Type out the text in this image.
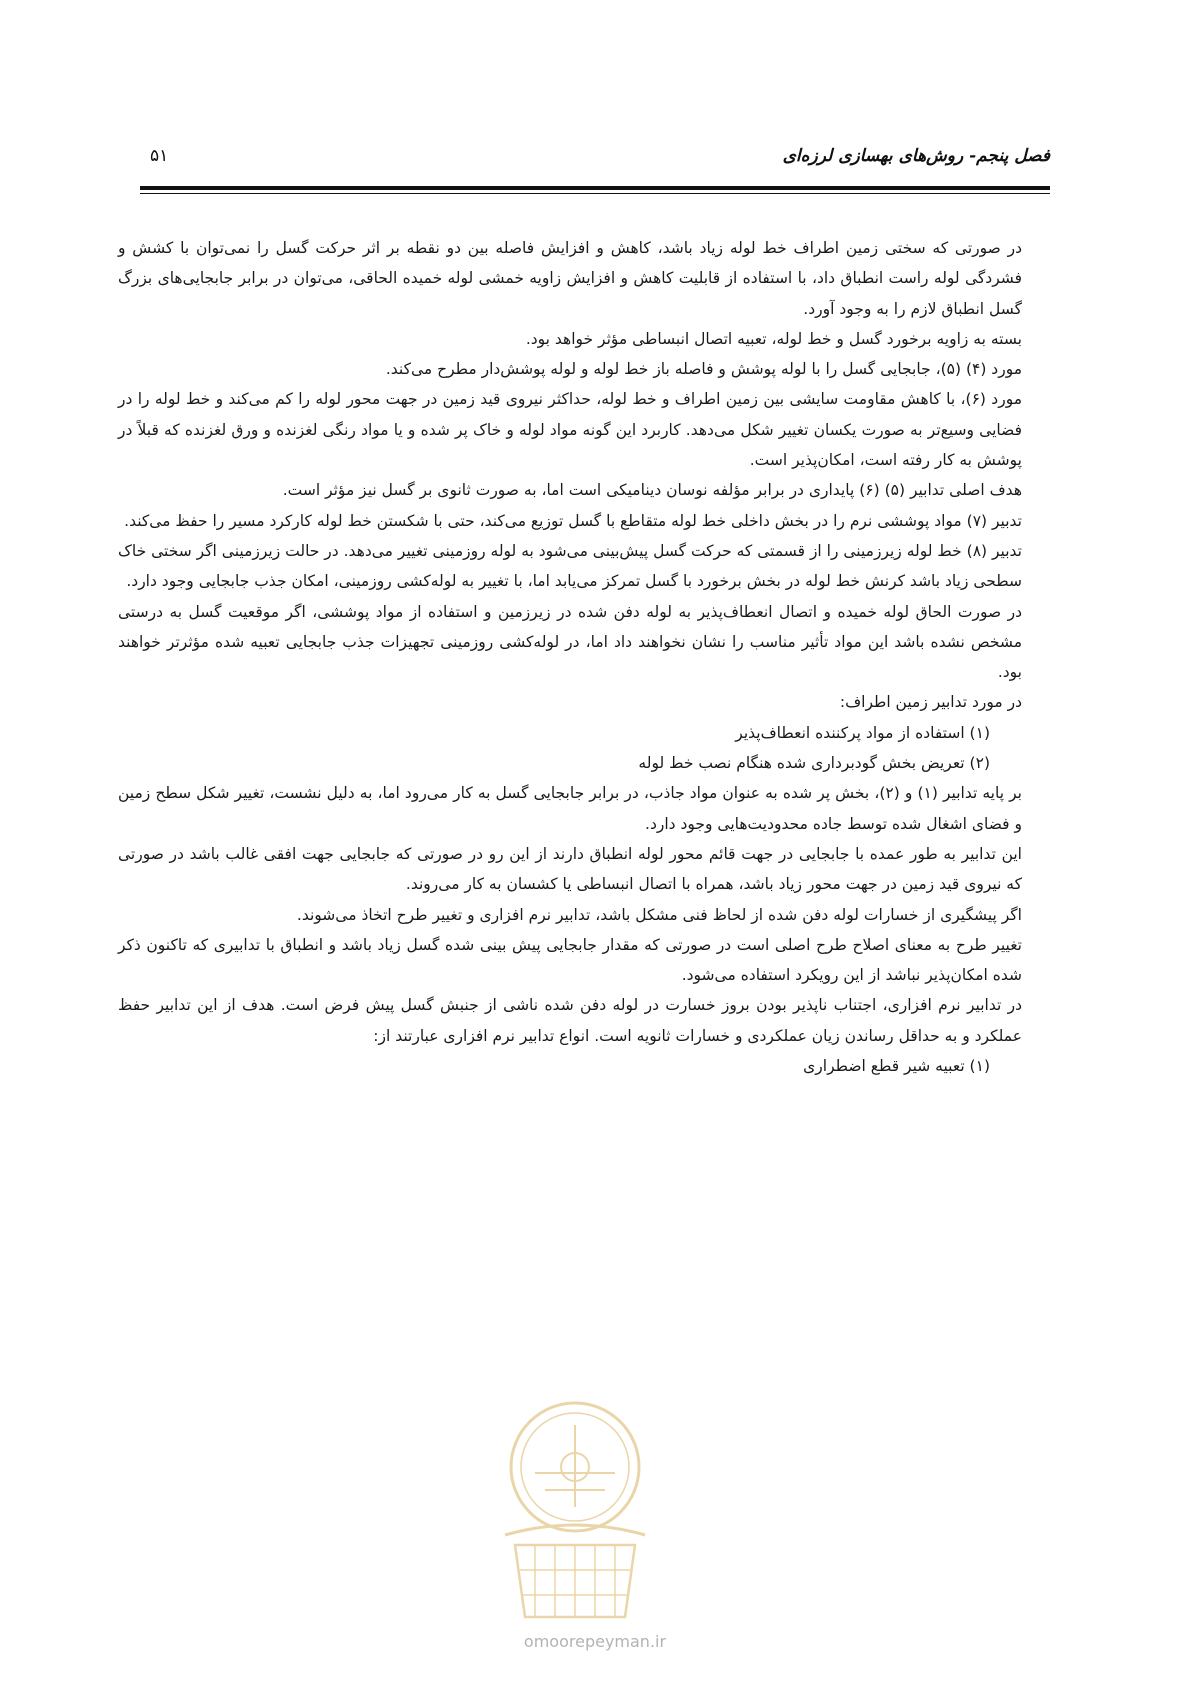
فصل پنجم- روش‌های بهسازی لرزه‌ای
۵۱

در صورتی که سختی زمین اطراف خط لوله زیاد باشد، کاهش و افزایش فاصله بین دو نقطه بر اثر حرکت گسل را نمی‌توان با کشش و فشردگی لوله راست انطباق داد، با استفاده از قابلیت کاهش و افزایش زاویه خمشی لوله خمیده الحاقی، می‌توان در برابر جابجایی‌های بزرگ گسل انطباق لازم را به وجود آورد.

بسته به زاویه برخورد گسل و خط لوله، تعبیه اتصال انبساطی مؤثر خواهد بود.

مورد (۴) (۵)، جابجایی گسل را با لوله پوشش و فاصله باز خط لوله و لوله پوشش‌دار مطرح می‌کند.

مورد (۶)، با کاهش مقاومت سایشی بین زمین اطراف و خط لوله، حداکثر نیروی قید زمین در جهت محور لوله را کم می‌کند و خط لوله را در فضایی وسیع‌تر به صورت یکسان تغییر شکل می‌دهد. کاربرد این گونه مواد لوله و خاک پر شده و یا مواد رنگی لغزنده و ورق لغزنده که قبلاً در پوشش به کار رفته است، امکان‌پذیر است.

هدف اصلی تدابیر (۵) (۶) پایداری در برابر مؤلفه نوسان دینامیکی است اما، به صورت ثانوی بر گسل نیز مؤثر است.

تدبیر (۷) مواد پوششی نرم را در بخش داخلی خط لوله متقاطع با گسل توزیع می‌کند، حتی با شکستن خط لوله کارکرد مسیر را حفظ می‌کند.

تدبیر (۸) خط لوله زیرزمینی را از قسمتی که حرکت گسل پیش‌بینی می‌شود به لوله روزمینی تغییر می‌دهد. در حالت زیرزمینی اگر سختی خاک سطحی زیاد باشد کرنش خط لوله در بخش برخورد با گسل تمرکز می‌یابد اما، با تغییر به لوله‌کشی روزمینی، امکان جذب جابجایی وجود دارد.

در صورت الحاق لوله خمیده و اتصال انعطاف‌پذیر به لوله دفن شده در زیرزمین و استفاده از مواد پوششی، اگر موقعیت گسل به درستی مشخص نشده باشد این مواد تأثیر مناسب را نشان نخواهند داد اما، در لوله‌کشی روزمینی تجهیزات جذب جابجایی تعبیه شده مؤثرتر خواهند بود.

در مورد تدابیر زمین اطراف:

(۱) استفاده از مواد پرکننده انعطاف‌پذیر

(۲) تعریض بخش گودبرداری شده هنگام نصب خط لوله

بر پایه تدابیر (۱) و (۲)، بخش پر شده به عنوان مواد جاذب، در برابر جابجایی گسل به کار می‌رود اما، به دلیل نشست، تغییر شکل سطح زمین و فضای اشغال شده توسط جاده محدودیت‌هایی وجود دارد.

این تدابیر به طور عمده با جابجایی در جهت قائم محور لوله انطباق دارند از این رو در صورتی که جابجایی جهت افقی غالب باشد در صورتی که نیروی قید زمین در جهت محور زیاد باشد، همراه با اتصال انبساطی یا کشسان به کار می‌روند.

اگر پیشگیری از خسارات لوله دفن شده از لحاظ فنی مشکل باشد، تدابیر نرم افزاری و تغییر طرح اتخاذ می‌شوند.

تغییر طرح به معنای اصلاح طرح اصلی است در صورتی که مقدار جابجایی پیش بینی شده گسل زیاد باشد و انطباق با تدابیری که تاکنون ذکر شده امکان‌پذیر نباشد از این رویکرد استفاده می‌شود.

در تدابیر نرم افزاری، اجتناب ناپذیر بودن بروز خسارت در لوله دفن شده ناشی از جنبش گسل پیش فرض است. هدف از این تدابیر حفظ عملکرد و به حداقل رساندن زیان عملکردی و خسارات ثانویه است. انواع تدابیر نرم افزاری عبارتند از:

(۱) تعبیه شیر قطع اضطراری

omoorepeyman.ir
